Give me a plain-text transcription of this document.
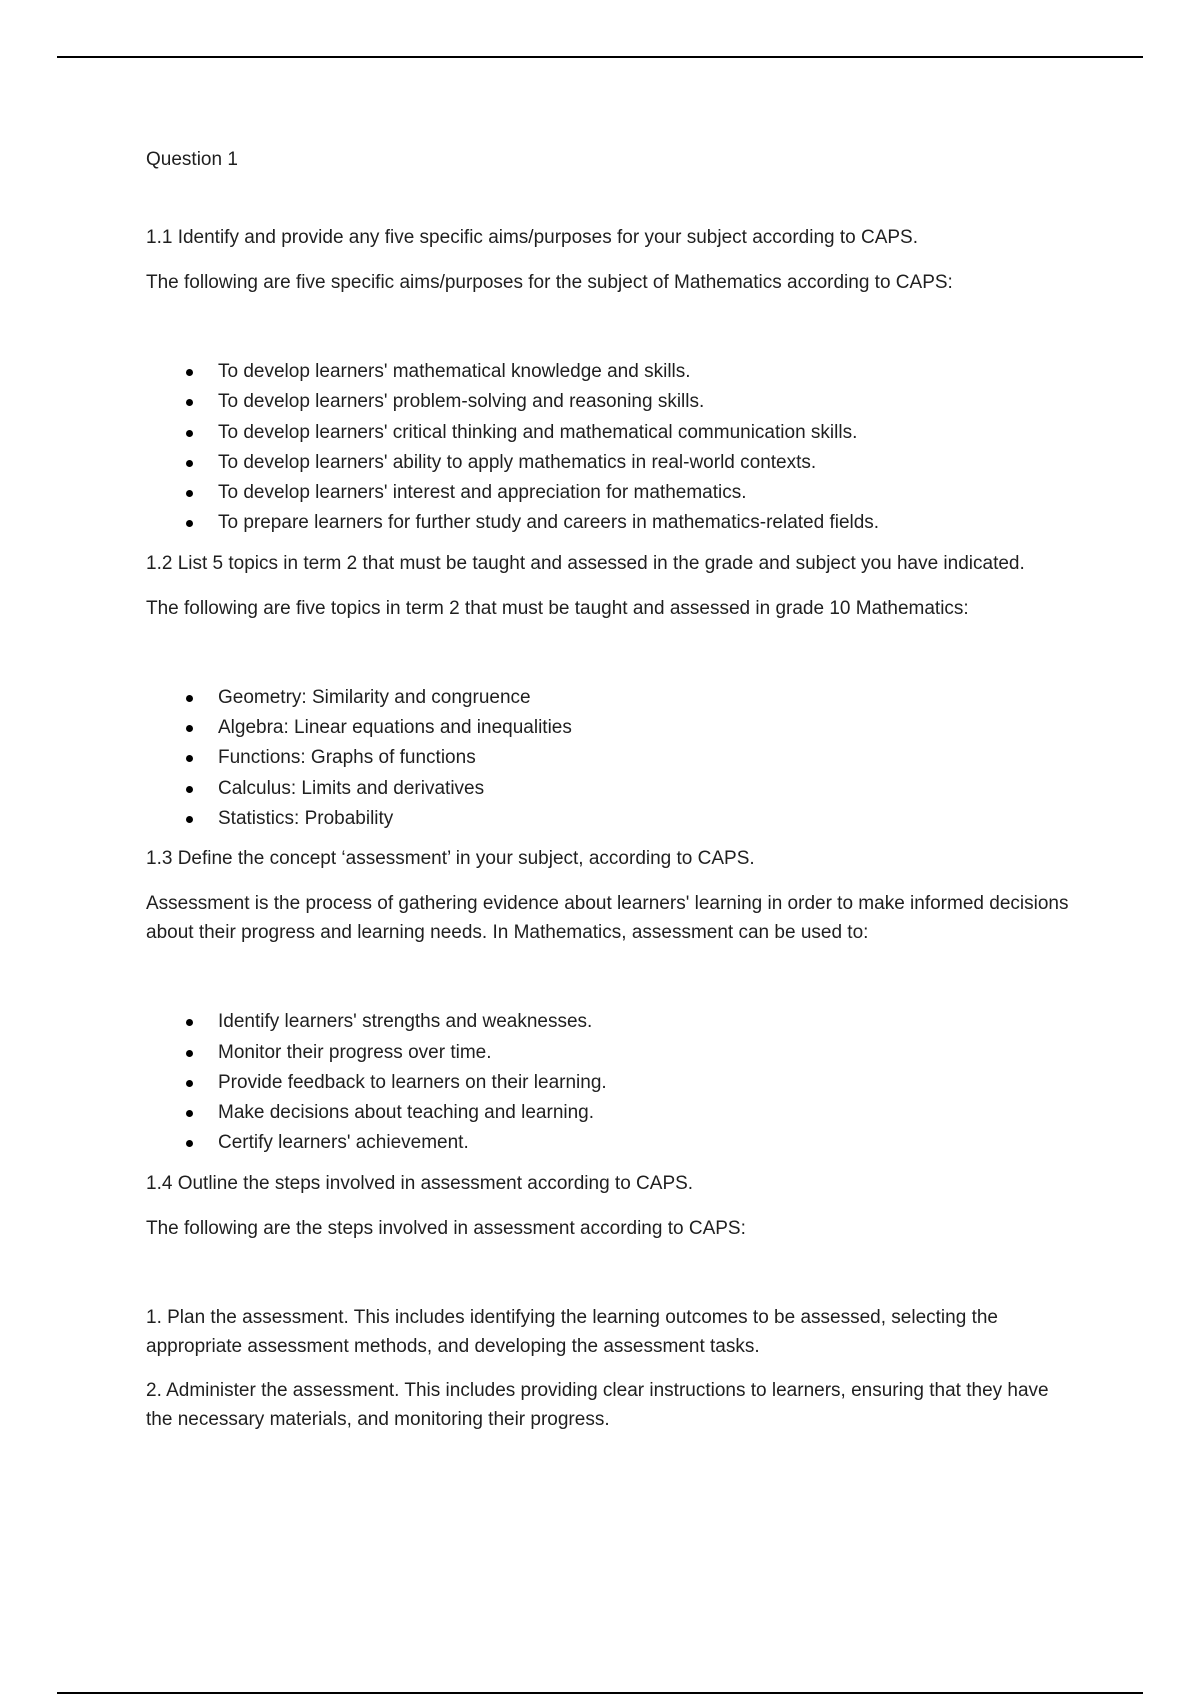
Question 1

1.1 Identify and provide any five specific aims/purposes for your subject according to CAPS.

The following are five specific aims/purposes for the subject of Mathematics according to CAPS:

To develop learners' mathematical knowledge and skills.
To develop learners' problem-solving and reasoning skills.
To develop learners' critical thinking and mathematical communication skills.
To develop learners' ability to apply mathematics in real-world contexts.
To develop learners' interest and appreciation for mathematics.
To prepare learners for further study and careers in mathematics-related fields.

1.2 List 5 topics in term 2 that must be taught and assessed in the grade and subject you have indicated.

The following are five topics in term 2 that must be taught and assessed in grade 10 Mathematics:

Geometry: Similarity and congruence
Algebra: Linear equations and inequalities
Functions: Graphs of functions
Calculus: Limits and derivatives
Statistics: Probability

1.3 Define the concept ‘assessment’ in your subject, according to CAPS.

Assessment is the process of gathering evidence about learners' learning in order to make informed decisions about their progress and learning needs. In Mathematics, assessment can be used to:

Identify learners' strengths and weaknesses.
Monitor their progress over time.
Provide feedback to learners on their learning.
Make decisions about teaching and learning.
Certify learners' achievement.

1.4 Outline the steps involved in assessment according to CAPS.

The following are the steps involved in assessment according to CAPS:

1. Plan the assessment. This includes identifying the learning outcomes to be assessed, selecting the appropriate assessment methods, and developing the assessment tasks.

2. Administer the assessment. This includes providing clear instructions to learners, ensuring that they have the necessary materials, and monitoring their progress.
